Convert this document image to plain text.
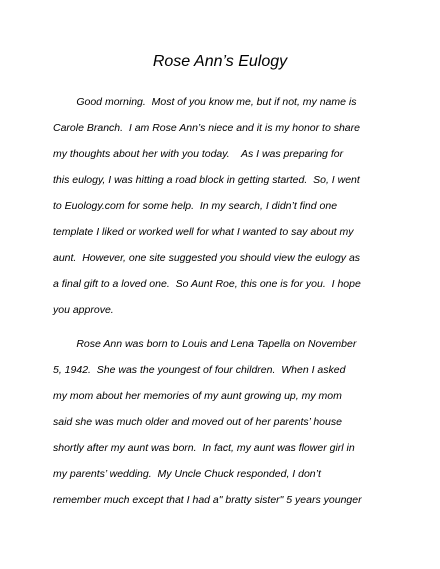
Rose Ann’s Eulogy
Good morning.  Most of you know me, but if not, my name is
Carole Branch.  I am Rose Ann’s niece and it is my honor to share
my thoughts about her with you today.    As I was preparing for
this eulogy, I was hitting a road block in getting started.  So, I went
to Euology.com for some help.  In my search, I didn’t find one
template I liked or worked well for what I wanted to say about my
aunt.  However, one site suggested you should view the eulogy as
a final gift to a loved one.  So Aunt Roe, this one is for you.  I hope
you approve.
Rose Ann was born to Louis and Lena Tapella on November
5, 1942.  She was the youngest of four children.  When I asked
my mom about her memories of my aunt growing up, my mom
said she was much older and moved out of her parents’ house
shortly after my aunt was born.  In fact, my aunt was flower girl in
my parents’ wedding.  My Uncle Chuck responded, I don’t
remember much except that I had a" bratty sister" 5 years younger
